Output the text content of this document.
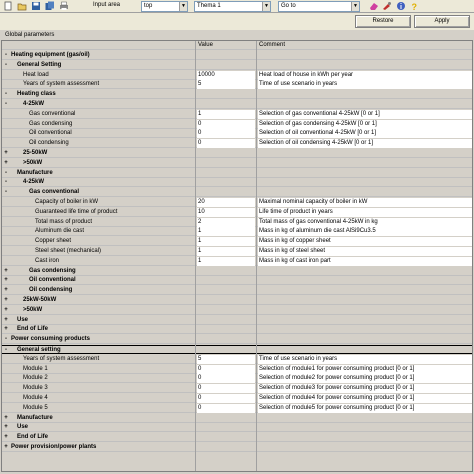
Input area	top	▼	Thema 1	▼	Go to	▼	?
Restore	Apply
Global parameters
Value	Comment
- Heating equipment (gas/oil)
-	General Setting
Heat load	10000	Heat load of house in kWh per year
Years of system assessment	5	Time of use scenario in years
-	Heating class
-	4-25kW
Gas conventional	1	Selection of gas conventional 4-25kW [0 or 1]
Gas condensing	0	Selection of gas condensing 4-25kW [0 or 1]
Oil conventional	0	Selection of oil conventional 4-25kW [0 or 1]
Oil condensing	0	Selection of oil condensing 4-25kW [0 or 1]
+	25-50kW
+	>50kW
-	Manufacture
-	4-25kW
-	Gas conventional
Capacity of boiler in kW	20	Maximal nominal capacity of boiler in kW
Guaranteed life time of product	10	Life time of product in years
Total mass of product	2	Total mass of gas conventional 4-25kW in kg
Aluminum die cast	1	Mass in kg of aluminum die cast AlSi9Cu3.5
Copper sheet	1	Mass in kg of copper sheet
Steel sheet (mechanical)	1	Mass in kg of steel sheet
Cast iron	1	Mass in kg of cast iron part
+	Gas condensing
+	Oil conventional
+	Oil condensing
+	25kW-50kW
+	>50kW
+ Use
+ End of Life
- Power consuming products
-	General setting
Years of system assessment	5	Time of use scenario in years
Module 1	0	Selection of module1 for power consuming product [0 or 1]
Module 2	0	Selection of module2 for power consuming product [0 or 1]
Module 3	0	Selection of module3 for power consuming product [0 or 1]
Module 4	0	Selection of module4 for power consuming product [0 or 1]
Module 5	0	Selection of module5 for power consuming product [0 or 1]
+ Manufacture
+ Use
+ End of Life
+ Power provision/power plants
